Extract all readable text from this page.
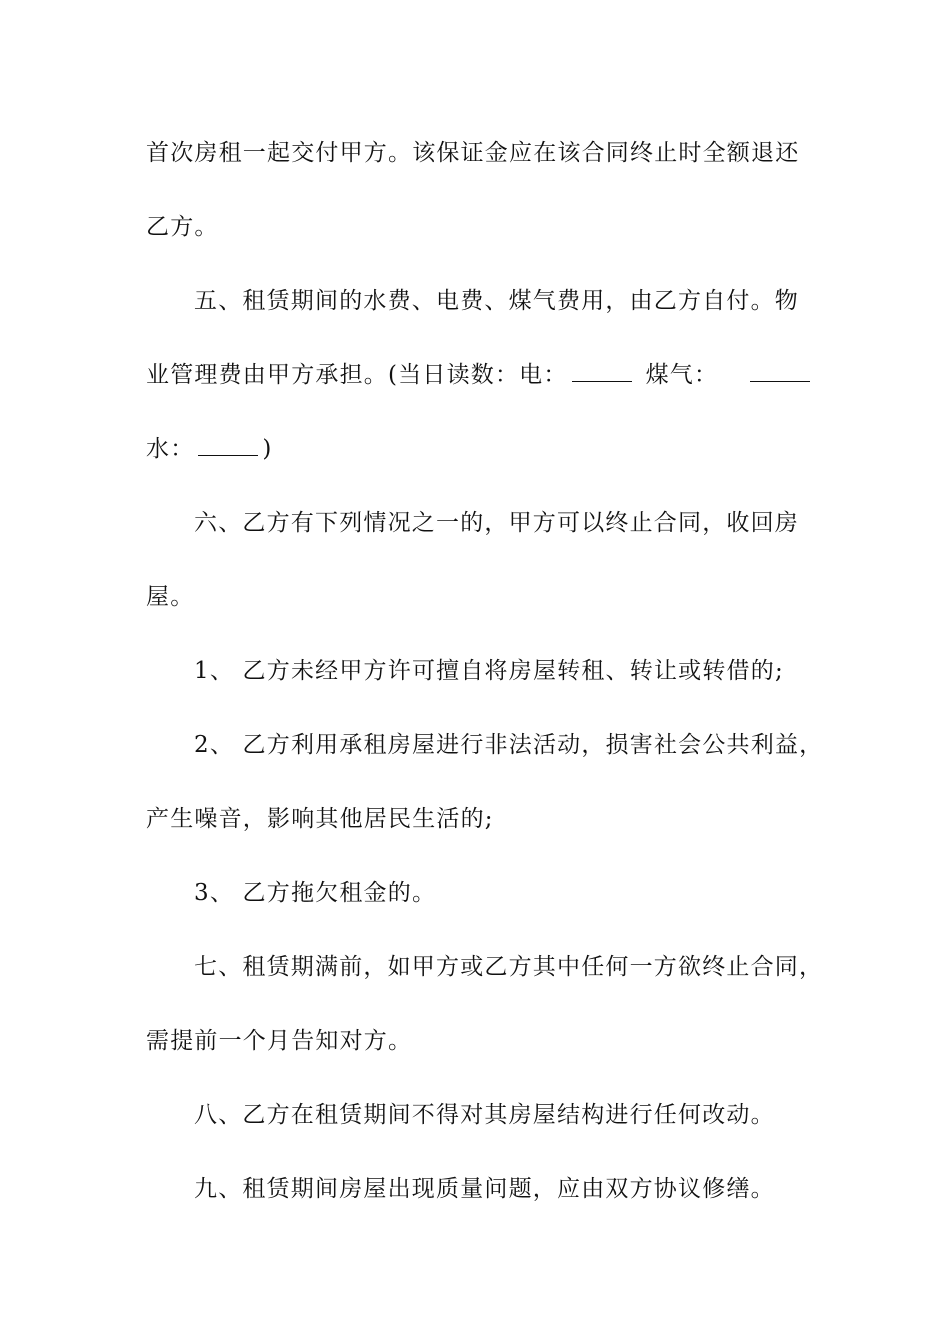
首次房租一起交付甲方。该保证金应在该合同终止时全额退还
乙方。
五、租赁期间的水费、电费、煤气费用，由乙方自付。物
业管理费由甲方承担。(当日读数：电：	煤气：
水：	)
六、乙方有下列情况之一的，甲方可以终止合同，收回房
屋。
1、 乙方未经甲方许可擅自将房屋转租、转让或转借的;
2、 乙方利用承租房屋进行非法活动，损害社会公共利益，
产生噪音，影响其他居民生活的;
3、 乙方拖欠租金的。
七、租赁期满前，如甲方或乙方其中任何一方欲终止合同，
需提前一个月告知对方。
八、乙方在租赁期间不得对其房屋结构进行任何改动。
九、租赁期间房屋出现质量问题，应由双方协议修缮。
